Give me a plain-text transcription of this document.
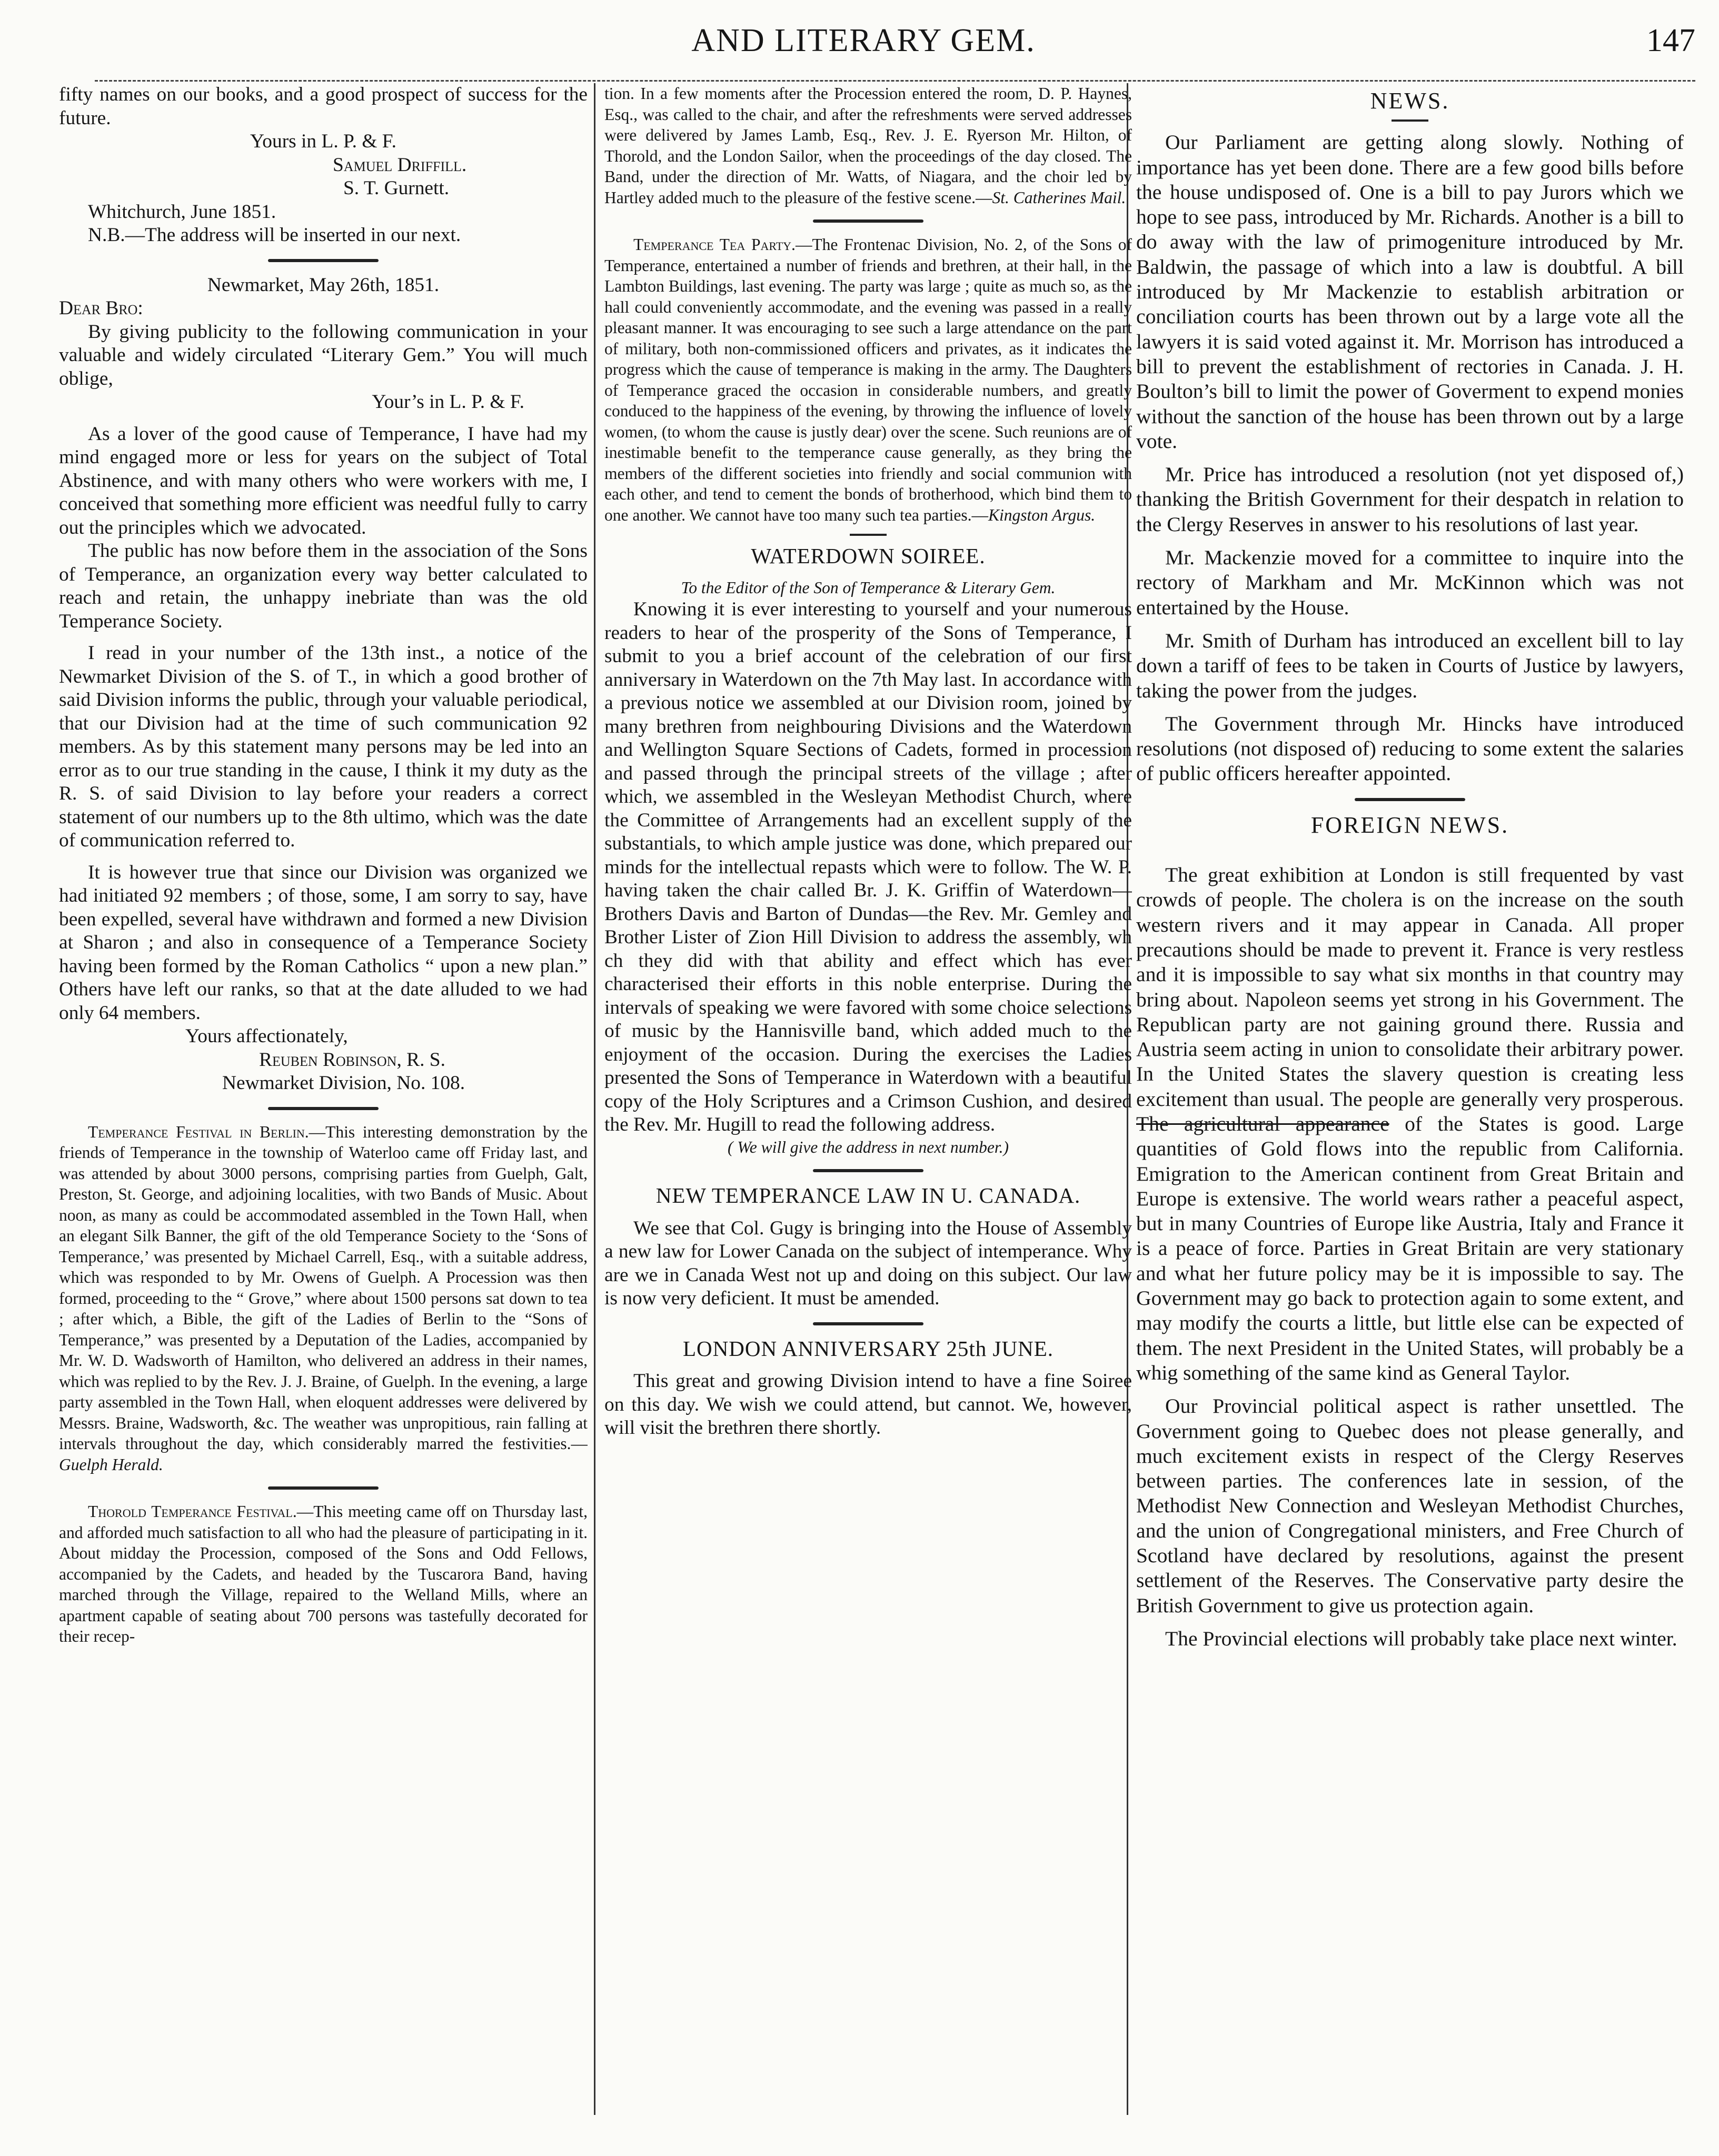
AND LITERARY GEM.	147

fifty names on our books, and a good prospect of success for the future.

Yours in L. P. & F.

Samuel Driffill.

S. T. Gurnett.

Whitchurch, June 1851.

N.B.—The address will be inserted in our next.

Newmarket, May 26th, 1851.

Dear Bro:

By giving publicity to the following communication in your valuable and widely circulated “Literary Gem.” You will much oblige,

Your’s in L. P. & F.

As a lover of the good cause of Temperance, I have had my mind engaged more or less for years on the subject of Total Abstinence, and with many others who were workers with me, I conceived that something more efficient was needful fully to carry out the principles which we advocated.

The public has now before them in the association of the Sons of Temperance, an organization every way better calculated to reach and retain, the unhappy inebriate than was the old Temperance Society.

I read in your number of the 13th inst., a notice of the Newmarket Division of the S. of T., in which a good brother of said Division informs the public, through your valuable periodical, that our Division had at the time of such communication 92 members. As by this statement many persons may be led into an error as to our true standing in the cause, I think it my duty as the R. S. of said Division to lay before your readers a correct statement of our numbers up to the 8th ultimo, which was the date of communication referred to.

It is however true that since our Division was organized we had initiated 92 members ; of those, some, I am sorry to say, have been expelled, several have withdrawn and formed a new Division at Sharon ; and also in consequence of a Temperance Society having been formed by the Roman Catholics “ upon a new plan.” Others have left our ranks, so that at the date alluded to we had only 64 members.

Yours affectionately,

Reuben Robinson, R. S.

Newmarket Division, No. 108.

Temperance Festival in Berlin.—This interesting demonstration by the friends of Temperance in the township of Waterloo came off Friday last, and was attended by about 3000 persons, comprising parties from Guelph, Galt, Preston, St. George, and adjoining localities, with two Bands of Music. About noon, as many as could be accommodated assembled in the Town Hall, when an elegant Silk Banner, the gift of the old Temperance Society to the ‘Sons of Temperance,’ was presented by Michael Carrell, Esq., with a suitable address, which was responded to by Mr. Owens of Guelph. A Procession was then formed, proceeding to the “ Grove,” where about 1500 persons sat down to tea ; after which, a Bible, the gift of the Ladies of Berlin to the “Sons of Temperance,” was presented by a Deputation of the Ladies, accompanied by Mr. W. D. Wadsworth of Hamilton, who delivered an address in their names, which was replied to by the Rev. J. J. Braine, of Guelph. In the evening, a large party assembled in the Town Hall, when eloquent addresses were delivered by Messrs. Braine, Wadsworth, &c. The weather was unpropitious, rain falling at intervals throughout the day, which considerably marred the festivities.— Guelph Herald.

Thorold Temperance Festival.—This meeting came off on Thursday last, and afforded much satisfaction to all who had the pleasure of participating in it. About midday the Procession, composed of the Sons and Odd Fellows, accompanied by the Cadets, and headed by the Tuscarora Band, having marched through the Village, repaired to the Welland Mills, where an apartment capable of seating about 700 persons was tastefully decorated for their recep-

tion. In a few moments after the Procession entered the room, D. P. Haynes, Esq., was called to the chair, and after the refreshments were served addresses were delivered by James Lamb, Esq., Rev. J. E. Ryerson Mr. Hilton, of Thorold, and the London Sailor, when the proceedings of the day closed. The Band, under the direction of Mr. Watts, of Niagara, and the choir led by Hartley added much to the pleasure of the festive scene.—St. Catherines Mail.

Temperance Tea Party.—The Frontenac Division, No. 2, of the Sons of Temperance, entertained a number of friends and brethren, at their hall, in the Lambton Buildings, last evening. The party was large ; quite as much so, as the hall could conveniently accommodate, and the evening was passed in a really pleasant manner. It was encouraging to see such a large attendance on the part of military, both non-commissioned officers and privates, as it indicates the progress which the cause of temperance is making in the army. The Daughters of Temperance graced the occasion in considerable numbers, and greatly conduced to the happiness of the evening, by throwing the influence of lovely women, (to whom the cause is justly dear) over the scene. Such reunions are of inestimable benefit to the temperance cause generally, as they bring the members of the different societies into friendly and social communion with each other, and tend to cement the bonds of brotherhood, which bind them to one another. We cannot have too many such tea parties.—Kingston Argus.

WATERDOWN SOIREE.

To the Editor of the Son of Temperance & Literary Gem.

Knowing it is ever interesting to yourself and your numerous readers to hear of the prosperity of the Sons of Temperance, I submit to you a brief account of the celebration of our first anniversary in Waterdown on the 7th May last. In accordance with a previous notice we assembled at our Division room, joined by many brethren from neighbouring Divisions and the Waterdown and Wellington Square Sections of Cadets, formed in procession and passed through the principal streets of the village ; after which, we assembled in the Wesleyan Methodist Church, where the Committee of Arrangements had an excellent supply of the substantials, to which ample justice was done, which prepared our minds for the intellectual repasts which were to follow. The W. P. having taken the chair called Br. J. K. Griffin of Waterdown—Brothers Davis and Barton of Dundas—the Rev. Mr. Gemley and Brother Lister of Zion Hill Division to address the assembly, wh ch they did with that ability and effect which has ever characterised their efforts in this noble enterprise. During the intervals of speaking we were favored with some choice selections of music by the Hannisville band, which added much to the enjoyment of the occasion. During the exercises the Ladies presented the Sons of Temperance in Waterdown with a beautiful copy of the Holy Scriptures and a Crimson Cushion, and desired the Rev. Mr. Hugill to read the following address.

( We will give the address in next number.)

NEW TEMPERANCE LAW IN U. CANADA.

We see that Col. Gugy is bringing into the House of Assembly a new law for Lower Canada on the subject of intemperance. Why are we in Canada West not up and doing on this subject. Our law is now very deficient. It must be amended.

LONDON ANNIVERSARY 25th JUNE.

This great and growing Division intend to have a fine Soiree on this day. We wish we could attend, but cannot. We, however, will visit the brethren there shortly.

NEWS.

Our Parliament are getting along slowly. Nothing of importance has yet been done. There are a few good bills before the house undisposed of. One is a bill to pay Jurors which we hope to see pass, introduced by Mr. Richards. Another is a bill to do away with the law of primogeniture introduced by Mr. Baldwin, the passage of which into a law is doubtful. A bill introduced by Mr Mackenzie to establish arbitration or conciliation courts has been thrown out by a large vote all the lawyers it is said voted against it. Mr. Morrison has introduced a bill to prevent the establishment of rectories in Canada. J. H. Boulton’s bill to limit the power of Goverment to expend monies without the sanction of the house has been thrown out by a large vote.

Mr. Price has introduced a resolution (not yet disposed of,) thanking the British Government for their despatch in relation to the Clergy Reserves in answer to his resolutions of last year.

Mr. Mackenzie moved for a committee to inquire into the rectory of Markham and Mr. McKinnon which was not entertained by the House.

Mr. Smith of Durham has introduced an excellent bill to lay down a tariff of fees to be taken in Courts of Justice by lawyers, taking the power from the judges.

The Government through Mr. Hincks have introduced resolutions (not disposed of) reducing to some extent the salaries of public officers hereafter appointed.

FOREIGN NEWS.

The great exhibition at London is still frequented by vast crowds of people. The cholera is on the increase on the south western rivers and it may appear in Canada. All proper precautions should be made to prevent it. France is very restless and it is impossible to say what six months in that country may bring about. Napoleon seems yet strong in his Government. The Republican party are not gaining ground there. Russia and Austria seem acting in union to consolidate their arbitrary power. In the United States the slavery question is creating less excitement than usual. The people are generally very prosperous. The agricultural appearance of the States is good. Large quantities of Gold flows into the republic from California. Emigration to the American continent from Great Britain and Europe is extensive. The world wears rather a peaceful aspect, but in many Countries of Europe like Austria, Italy and France it is a peace of force. Parties in Great Britain are very stationary and what her future policy may be it is impossible to say. The Government may go back to protection again to some extent, and may modify the courts a little, but little else can be expected of them. The next President in the United States, will probably be a whig something of the same kind as General Taylor.

Our Provincial political aspect is rather unsettled. The Government going to Quebec does not please generally, and much excitement exists in respect of the Clergy Reserves between parties. The conferences late in session, of the Methodist New Connection and Wesleyan Methodist Churches, and the union of Congregational ministers, and Free Church of Scotland have declared by resolutions, against the present settlement of the Reserves. The Conservative party desire the British Government to give us protection again.

The Provincial elections will probably take place next winter.
